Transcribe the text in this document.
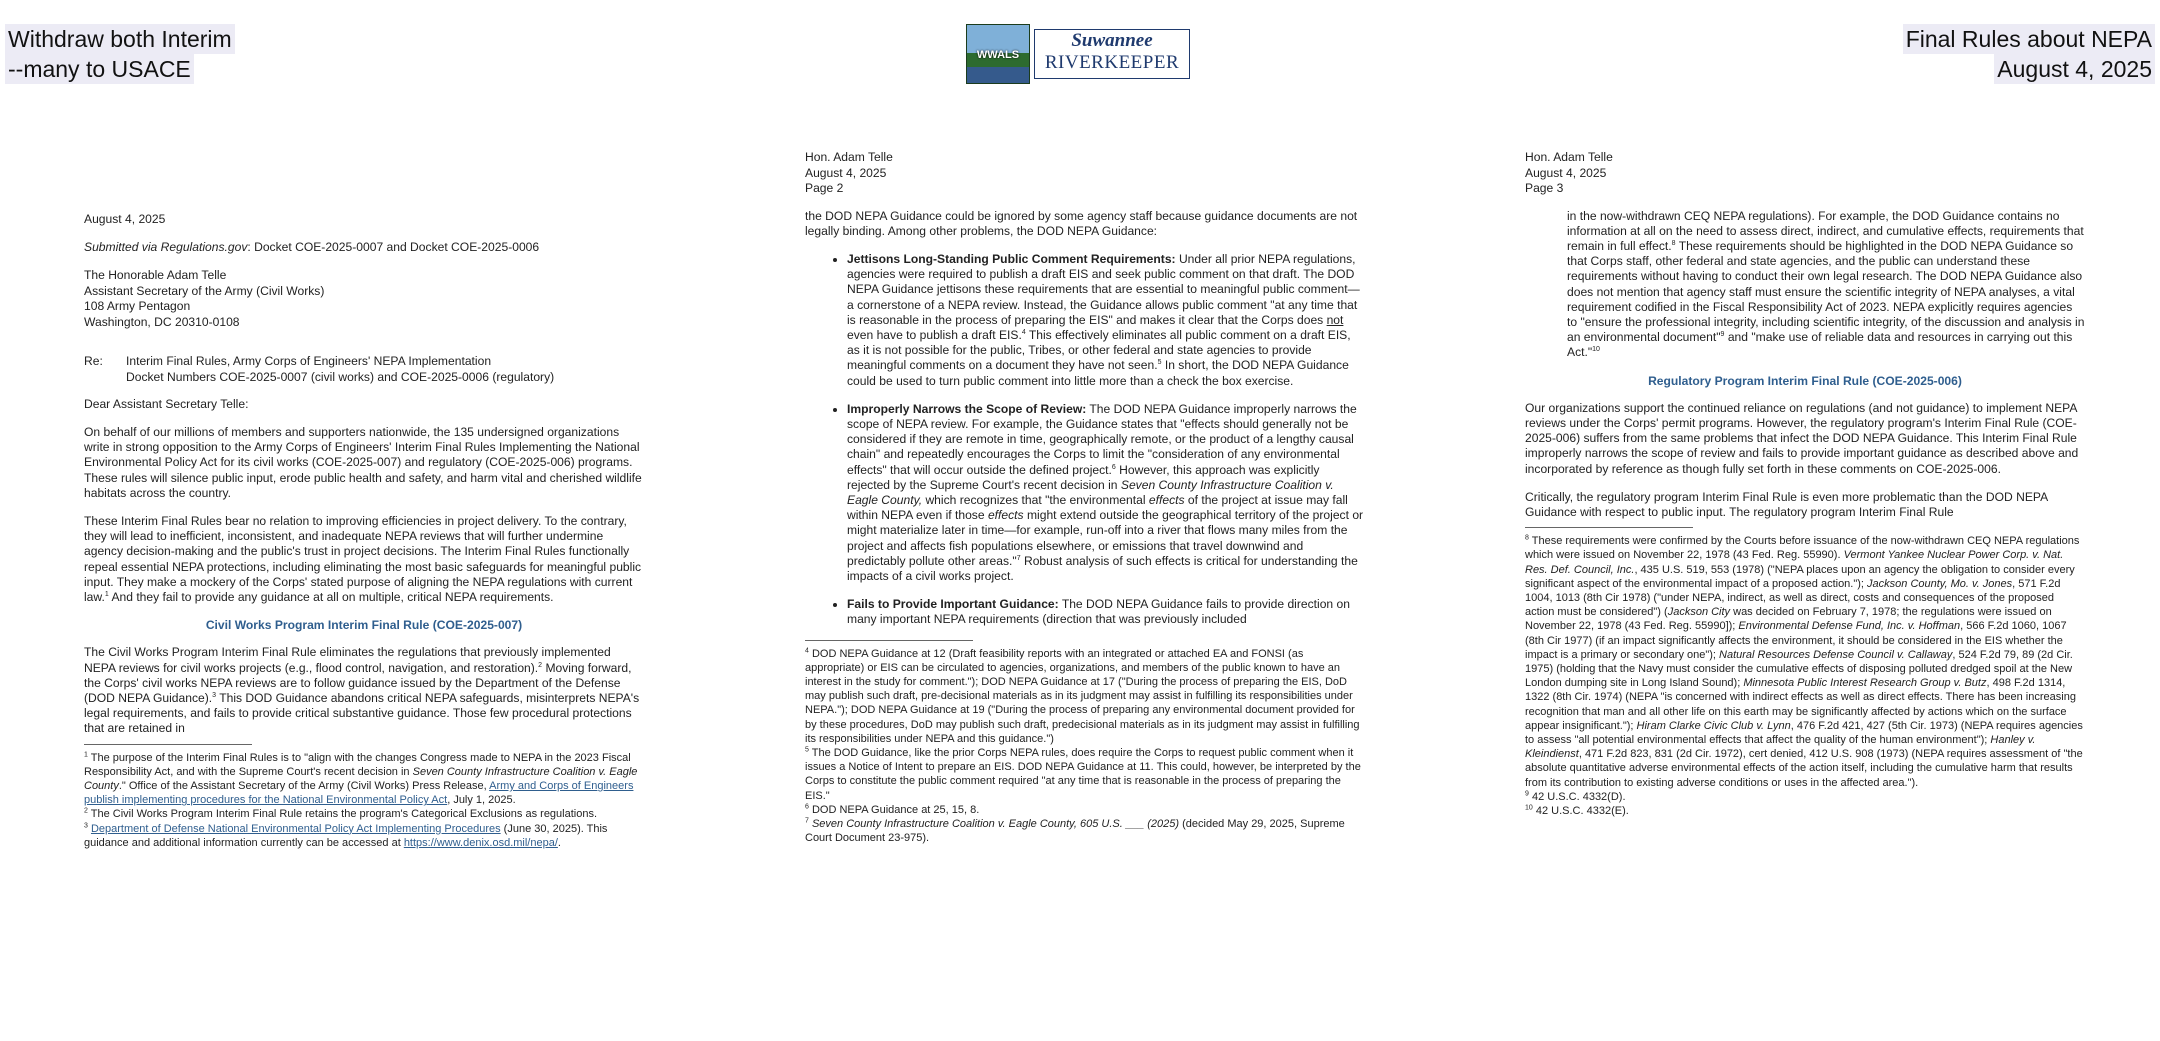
Withdraw both Interim
--many to USACE
WWALS
Suwannee
RIVERKEEPER
Final Rules about NEPA
August 4, 2025

August 4, 2025

Submitted via Regulations.gov: Docket COE-2025-0007 and Docket COE-2025-0006

The Honorable Adam Telle
Assistant Secretary of the Army (Civil Works)
108 Army Pentagon
Washington, DC 20310-0108
Re:	Interim Final Rules, Army Corps of Engineers' NEPA Implementation
Docket Numbers COE-2025-0007 (civil works) and COE-2025-0006 (regulatory)

Dear Assistant Secretary Telle:

On behalf of our millions of members and supporters nationwide, the 135 undersigned organizations write in strong opposition to the Army Corps of Engineers' Interim Final Rules Implementing the National Environmental Policy Act for its civil works (COE-2025-007) and regulatory (COE-2025-006) programs. These rules will silence public input, erode public health and safety, and harm vital and cherished wildlife habitats across the country.

These Interim Final Rules bear no relation to improving efficiencies in project delivery. To the contrary, they will lead to inefficient, inconsistent, and inadequate NEPA reviews that will further undermine agency decision-making and the public's trust in project decisions. The Interim Final Rules functionally repeal essential NEPA protections, including eliminating the most basic safeguards for meaningful public input. They make a mockery of the Corps' stated purpose of aligning the NEPA regulations with current law.$^1$ And they fail to provide any guidance at all on multiple, critical NEPA requirements.

Civil Works Program Interim Final Rule (COE-2025-007)

The Civil Works Program Interim Final Rule eliminates the regulations that previously implemented NEPA reviews for civil works projects (e.g., flood control, navigation, and restoration).$^2$ Moving forward, the Corps' civil works NEPA reviews are to follow guidance issued by the Department of the Defense (DOD NEPA Guidance).$^3$ This DOD Guidance abandons critical NEPA safeguards, misinterprets NEPA's legal requirements, and fails to provide critical substantive guidance. Those few procedural protections that are retained in

$^1$ The purpose of the Interim Final Rules is to "align with the changes Congress made to NEPA in the 2023 Fiscal Responsibility Act, and with the Supreme Court's recent decision in Seven County Infrastructure Coalition v. Eagle County." Office of the Assistant Secretary of the Army (Civil Works) Press Release, Army and Corps of Engineers publish implementing procedures for the National Environmental Policy Act, July 1, 2025.
$^2$ The Civil Works Program Interim Final Rule retains the program's Categorical Exclusions as regulations.
$^3$ Department of Defense National Environmental Policy Act Implementing Procedures (June 30, 2025). This guidance and additional information currently can be accessed at https://www.denix.osd.mil/nepa/.
Hon. Adam Telle
August 4, 2025
Page 2

the DOD NEPA Guidance could be ignored by some agency staff because guidance documents are not legally binding. Among other problems, the DOD NEPA Guidance:

• Jettisons Long-Standing Public Comment Requirements: Under all prior NEPA regulations, agencies were required to publish a draft EIS and seek public comment on that draft. The DOD NEPA Guidance jettisons these requirements that are essential to meaningful public comment—a cornerstone of a NEPA review. Instead, the Guidance allows public comment "at any time that is reasonable in the process of preparing the EIS" and makes it clear that the Corps does not even have to publish a draft EIS.$^4$ This effectively eliminates all public comment on a draft EIS, as it is not possible for the public, Tribes, or other federal and state agencies to provide meaningful comments on a document they have not seen.$^5$ In short, the DOD NEPA Guidance could be used to turn public comment into little more than a check the box exercise.
• Improperly Narrows the Scope of Review: The DOD NEPA Guidance improperly narrows the scope of NEPA review. For example, the Guidance states that "effects should generally not be considered if they are remote in time, geographically remote, or the product of a lengthy causal chain" and repeatedly encourages the Corps to limit the "consideration of any environmental effects" that will occur outside the defined project.$^6$ However, this approach was explicitly rejected by the Supreme Court's recent decision in Seven County Infrastructure Coalition v. Eagle County, which recognizes that "the environmental effects of the project at issue may fall within NEPA even if those effects might extend outside the geographical territory of the project or might materialize later in time—for example, run-off into a river that flows many miles from the project and affects fish populations elsewhere, or emissions that travel downwind and predictably pollute other areas."$^7$ Robust analysis of such effects is critical for understanding the impacts of a civil works project.
• Fails to Provide Important Guidance: The DOD NEPA Guidance fails to provide direction on many important NEPA requirements (direction that was previously included
$^4$ DOD NEPA Guidance at 12 (Draft feasibility reports with an integrated or attached EA and FONSI (as appropriate) or EIS can be circulated to agencies, organizations, and members of the public known to have an interest in the study for comment."); DOD NEPA Guidance at 17 ("During the process of preparing the EIS, DoD may publish such draft, pre-decisional materials as in its judgment may assist in fulfilling its responsibilities under NEPA."); DOD NEPA Guidance at 19 ("During the process of preparing any environmental document provided for by these procedures, DoD may publish such draft, predecisional materials as in its judgment may assist in fulfilling its responsibilities under NEPA and this guidance.")
$^5$ The DOD Guidance, like the prior Corps NEPA rules, does require the Corps to request public comment when it issues a Notice of Intent to prepare an EIS. DOD NEPA Guidance at 11. This could, however, be interpreted by the Corps to constitute the public comment required "at any time that is reasonable in the process of preparing the EIS."
$^6$ DOD NEPA Guidance at 25, 15, 8.
$^7$ Seven County Infrastructure Coalition v. Eagle County, 605 U.S. ___ (2025) (decided May 29, 2025, Supreme Court Document 23-975).
Hon. Adam Telle
August 4, 2025
Page 3

in the now-withdrawn CEQ NEPA regulations). For example, the DOD Guidance contains no information at all on the need to assess direct, indirect, and cumulative effects, requirements that remain in full effect.$^8$ These requirements should be highlighted in the DOD NEPA Guidance so that Corps staff, other federal and state agencies, and the public can understand these requirements without having to conduct their own legal research. The DOD NEPA Guidance also does not mention that agency staff must ensure the scientific integrity of NEPA analyses, a vital requirement codified in the Fiscal Responsibility Act of 2023. NEPA explicitly requires agencies to "ensure the professional integrity, including scientific integrity, of the discussion and analysis in an environmental document"$^9$ and "make use of reliable data and resources in carrying out this Act."$^{10}$

Regulatory Program Interim Final Rule (COE-2025-006)

Our organizations support the continued reliance on regulations (and not guidance) to implement NEPA reviews under the Corps' permit programs. However, the regulatory program's Interim Final Rule (COE-2025-006) suffers from the same problems that infect the DOD NEPA Guidance. This Interim Final Rule improperly narrows the scope of review and fails to provide important guidance as described above and incorporated by reference as though fully set forth in these comments on COE-2025-006.

Critically, the regulatory program Interim Final Rule is even more problematic than the DOD NEPA Guidance with respect to public input. The regulatory program Interim Final Rule

$^8$ These requirements were confirmed by the Courts before issuance of the now-withdrawn CEQ NEPA regulations which were issued on November 22, 1978 (43 Fed. Reg. 55990). Vermont Yankee Nuclear Power Corp. v. Nat. Res. Def. Council, Inc., 435 U.S. 519, 553 (1978) ("NEPA places upon an agency the obligation to consider every significant aspect of the environmental impact of a proposed action."); Jackson County, Mo. v. Jones, 571 F.2d 1004, 1013 (8th Cir 1978) ("under NEPA, indirect, as well as direct, costs and consequences of the proposed action must be considered") (Jackson City was decided on February 7, 1978; the regulations were issued on November 22, 1978 (43 Fed. Reg. 55990]); Environmental Defense Fund, Inc. v. Hoffman, 566 F.2d 1060, 1067 (8th Cir 1977) (if an impact significantly affects the environment, it should be considered in the EIS whether the impact is a primary or secondary one"); Natural Resources Defense Council v. Callaway, 524 F.2d 79, 89 (2d Cir. 1975) (holding that the Navy must consider the cumulative effects of disposing polluted dredged spoil at the New London dumping site in Long Island Sound); Minnesota Public Interest Research Group v. Butz, 498 F.2d 1314, 1322 (8th Cir. 1974) (NEPA "is concerned with indirect effects as well as direct effects. There has been increasing recognition that man and all other life on this earth may be significantly affected by actions which on the surface appear insignificant."); Hiram Clarke Civic Club v. Lynn, 476 F.2d 421, 427 (5th Cir. 1973) (NEPA requires agencies to assess "all potential environmental effects that affect the quality of the human environment"); Hanley v. Kleindienst, 471 F.2d 823, 831 (2d Cir. 1972), cert denied, 412 U.S. 908 (1973) (NEPA requires assessment of "the absolute quantitative adverse environmental effects of the action itself, including the cumulative harm that results from its contribution to existing adverse conditions or uses in the affected area.").
$^9$ 42 U.S.C. 4332(D).
$^{10}$ 42 U.S.C. 4332(E).
